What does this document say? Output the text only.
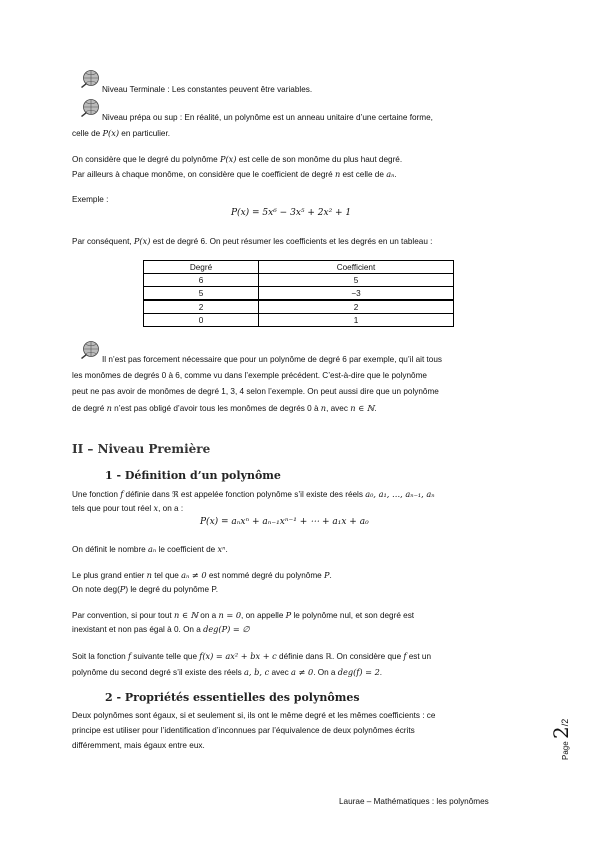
Niveau Terminale : Les constantes peuvent être variables.
Niveau prépa ou sup : En réalité, un polynôme est un anneau unitaire d’une certaine forme,
celle de P(x) en particulier.
On considère que le degré du polynôme P(x) est celle de son monôme du plus haut degré.
Par ailleurs à chaque monôme, on considère que le coefficient de degré n est celle de aₙ.
Exemple :
P(x) = 5x⁶ − 3x⁵ + 2x² + 1
Par conséquent, P(x) est de degré 6. On peut résumer les coefficients et les degrés en un tableau :
Degré	Coefficient
6	5
5	−3
2	2
0	1
Il n’est pas forcement nécessaire que pour un polynôme de degré 6 par exemple, qu’il ait tous
les monômes de degrés 0 à 6, comme vu dans l’exemple précédent. C’est-à-dire que le polynôme
peut ne pas avoir de monômes de degré 1, 3, 4 selon l’exemple. On peut aussi dire que un polynôme
de degré n n’est pas obligé d’avoir tous les monômes de degrés 0 à n, avec n ∈ ℕ.
II – Niveau Première
1 - Définition d’un polynôme
Une fonction f définie dans ℜ est appelée fonction polynôme s’il existe des réels a₀, a₁, …, aₙ₋₁, aₙ
tels que pour tout réel x, on a :
P(x) = aₙxⁿ + aₙ₋₁xⁿ⁻¹ + ⋯ + a₁x + a₀
On définit le nombre aₙ le coefficient de xⁿ.
Le plus grand entier n tel que aₙ ≠ 0 est nommé degré du polynôme P.
On note deg(P) le degré du polynôme P.
Par convention, si pour tout n ∈ ℕ on a n = 0, on appelle P le polynôme nul, et son degré est
inexistant et non pas égal à 0. On a deg(P) = ∅
Soit la fonction f suivante telle que f(x) = ax² + bx + c définie dans ℝ. On considère que f est un
polynôme du second degré s’il existe des réels a, b, c avec a ≠ 0. On a deg(f) = 2.
2 - Propriétés essentielles des polynômes
Deux polynômes sont égaux, si et seulement si, ils ont le même degré et les mêmes coefficients : ce
principe est utiliser pour l’identification d’inconnues par l’équivalence de deux polynômes écrits
différemment, mais égaux entre eux.	Page 2/2
Laurae – Mathématiques : les polynômes
